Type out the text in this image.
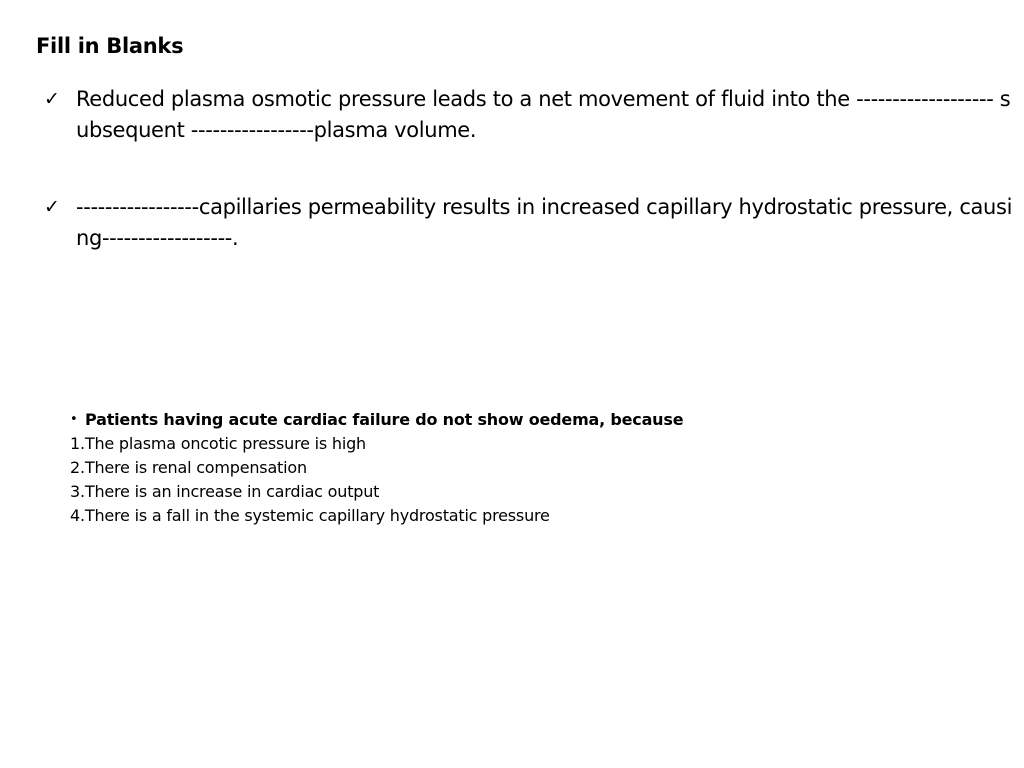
Fill in Blanks
✓ Reduced plasma osmotic pressure leads to a net movement of fluid into the ------------------- subsequent -----------------plasma volume.
✓ -----------------capillaries permeability results in increased capillary hydrostatic pressure, causing------------------.
• Patients having acute cardiac failure do not show oedema, because
1.The plasma oncotic pressure is high
2.There is renal compensation
3.There is an increase in cardiac output
4.There is a fall in the systemic capillary hydrostatic pressure
